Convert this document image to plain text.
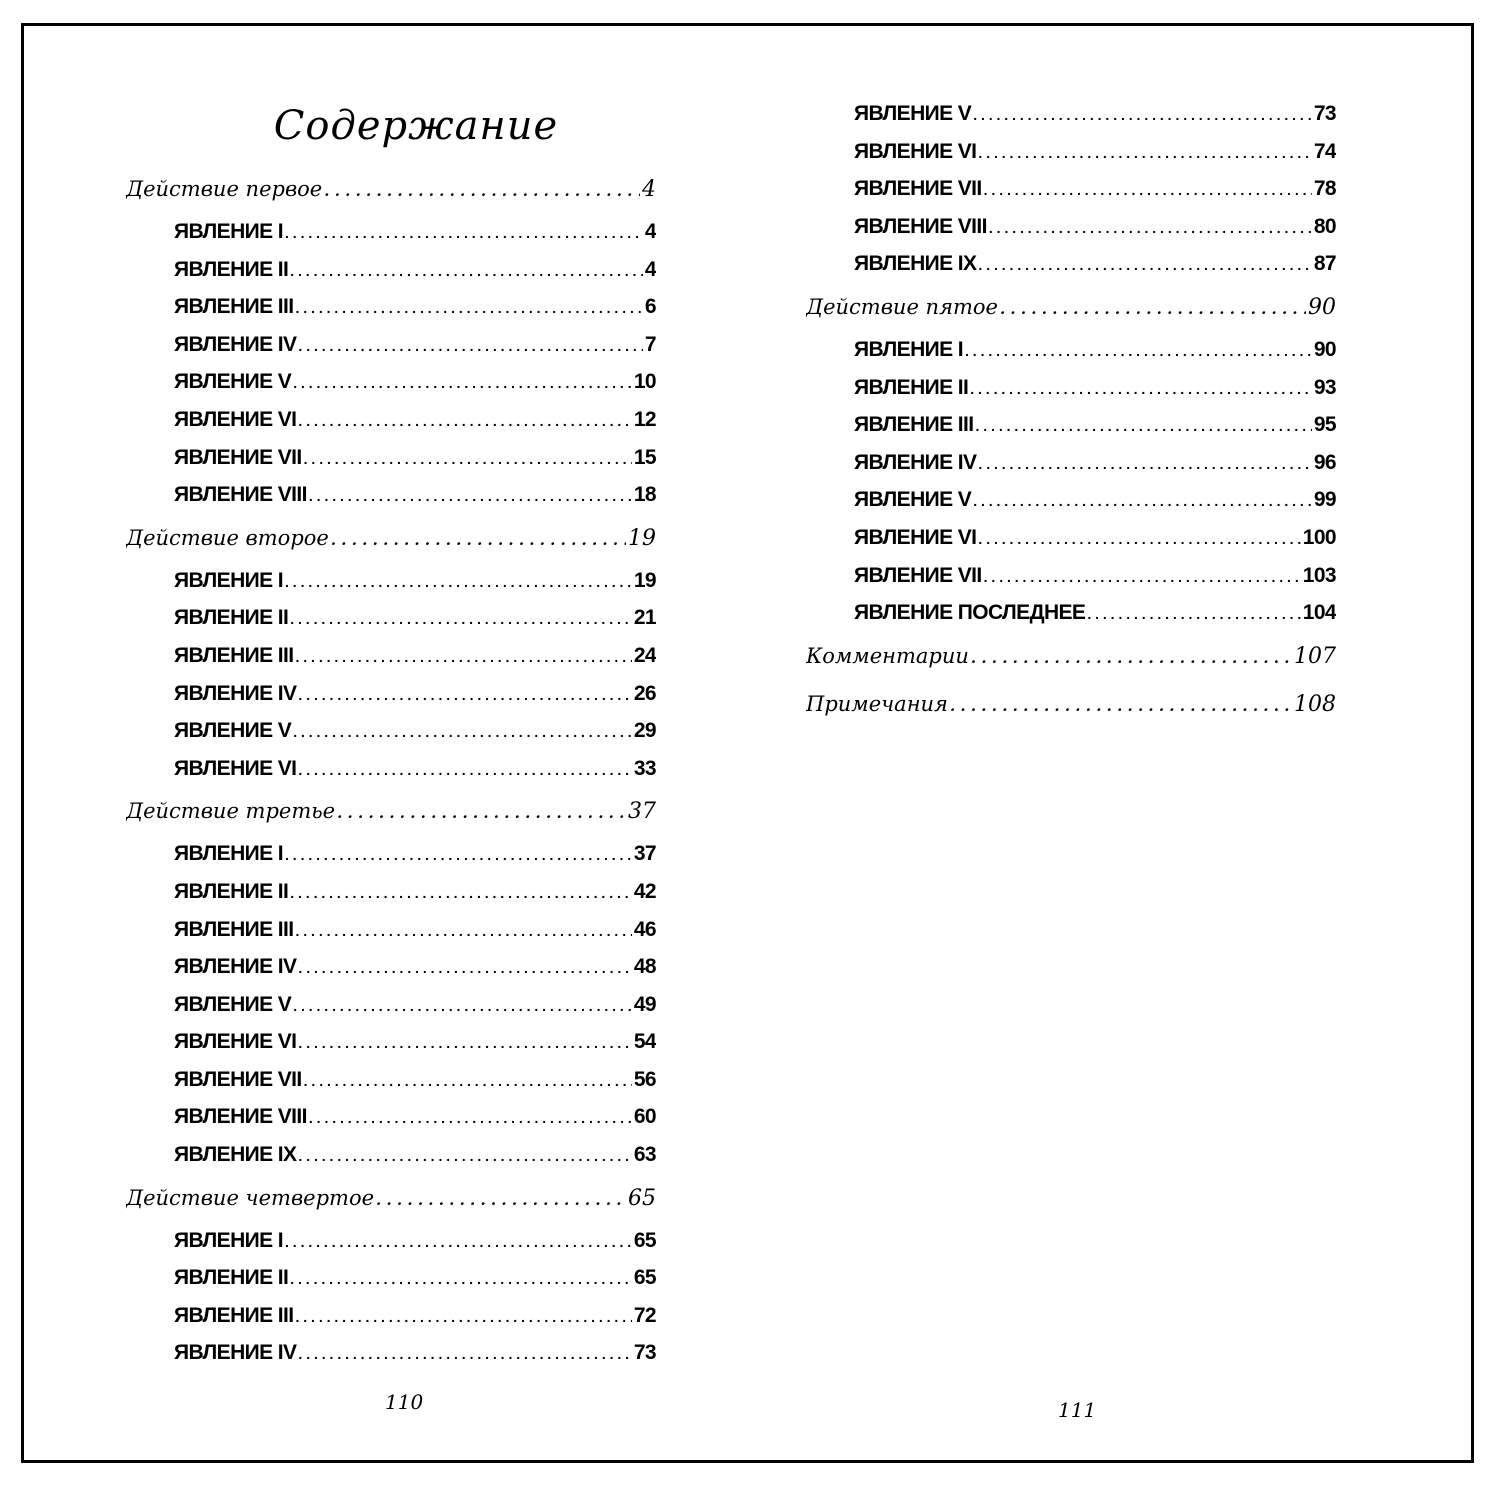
Содержание
Действие первое . . .	4
ЯВЛЕНИЕ I . . .	4
ЯВЛЕНИЕ II . . .	4
ЯВЛЕНИЕ III . . .	6
ЯВЛЕНИЕ IV . . .	7
ЯВЛЕНИЕ V . . .	10
ЯВЛЕНИЕ VI . . .	12
ЯВЛЕНИЕ VII . . .	15
ЯВЛЕНИЕ VIII . . .	18
Действие второе . . .	19
ЯВЛЕНИЕ I . . .	19
ЯВЛЕНИЕ II . . .	21
ЯВЛЕНИЕ III . . .	24
ЯВЛЕНИЕ IV . . .	26
ЯВЛЕНИЕ V . . .	29
ЯВЛЕНИЕ VI . . .	33
Действие третье . . .	37
ЯВЛЕНИЕ I . . .	37
ЯВЛЕНИЕ II . . .	42
ЯВЛЕНИЕ III . . .	46
ЯВЛЕНИЕ IV . . .	48
ЯВЛЕНИЕ V . . .	49
ЯВЛЕНИЕ VI . . .	54
ЯВЛЕНИЕ VII . . .	56
ЯВЛЕНИЕ VIII . . .	60
ЯВЛЕНИЕ IX . . .	63
Действие четвертое . . .	65
ЯВЛЕНИЕ I . . .	65
ЯВЛЕНИЕ II . . .	65
ЯВЛЕНИЕ III . . .	72
ЯВЛЕНИЕ IV . . .	73
ЯВЛЕНИЕ V . . .	73
ЯВЛЕНИЕ VI . . .	74
ЯВЛЕНИЕ VII . . .	78
ЯВЛЕНИЕ VIII . . .	80
ЯВЛЕНИЕ IX . . .	87
Действие пятое . . .	90
ЯВЛЕНИЕ I . . .	90
ЯВЛЕНИЕ II . . .	93
ЯВЛЕНИЕ III . . .	95
ЯВЛЕНИЕ IV . . .	96
ЯВЛЕНИЕ V . . .	99
ЯВЛЕНИЕ VI . . .	100
ЯВЛЕНИЕ VII . . .	103
ЯВЛЕНИЕ ПОСЛЕДНЕЕ . . .	104
Комментарии . . .	107
Примечания . . .	108
110	111
